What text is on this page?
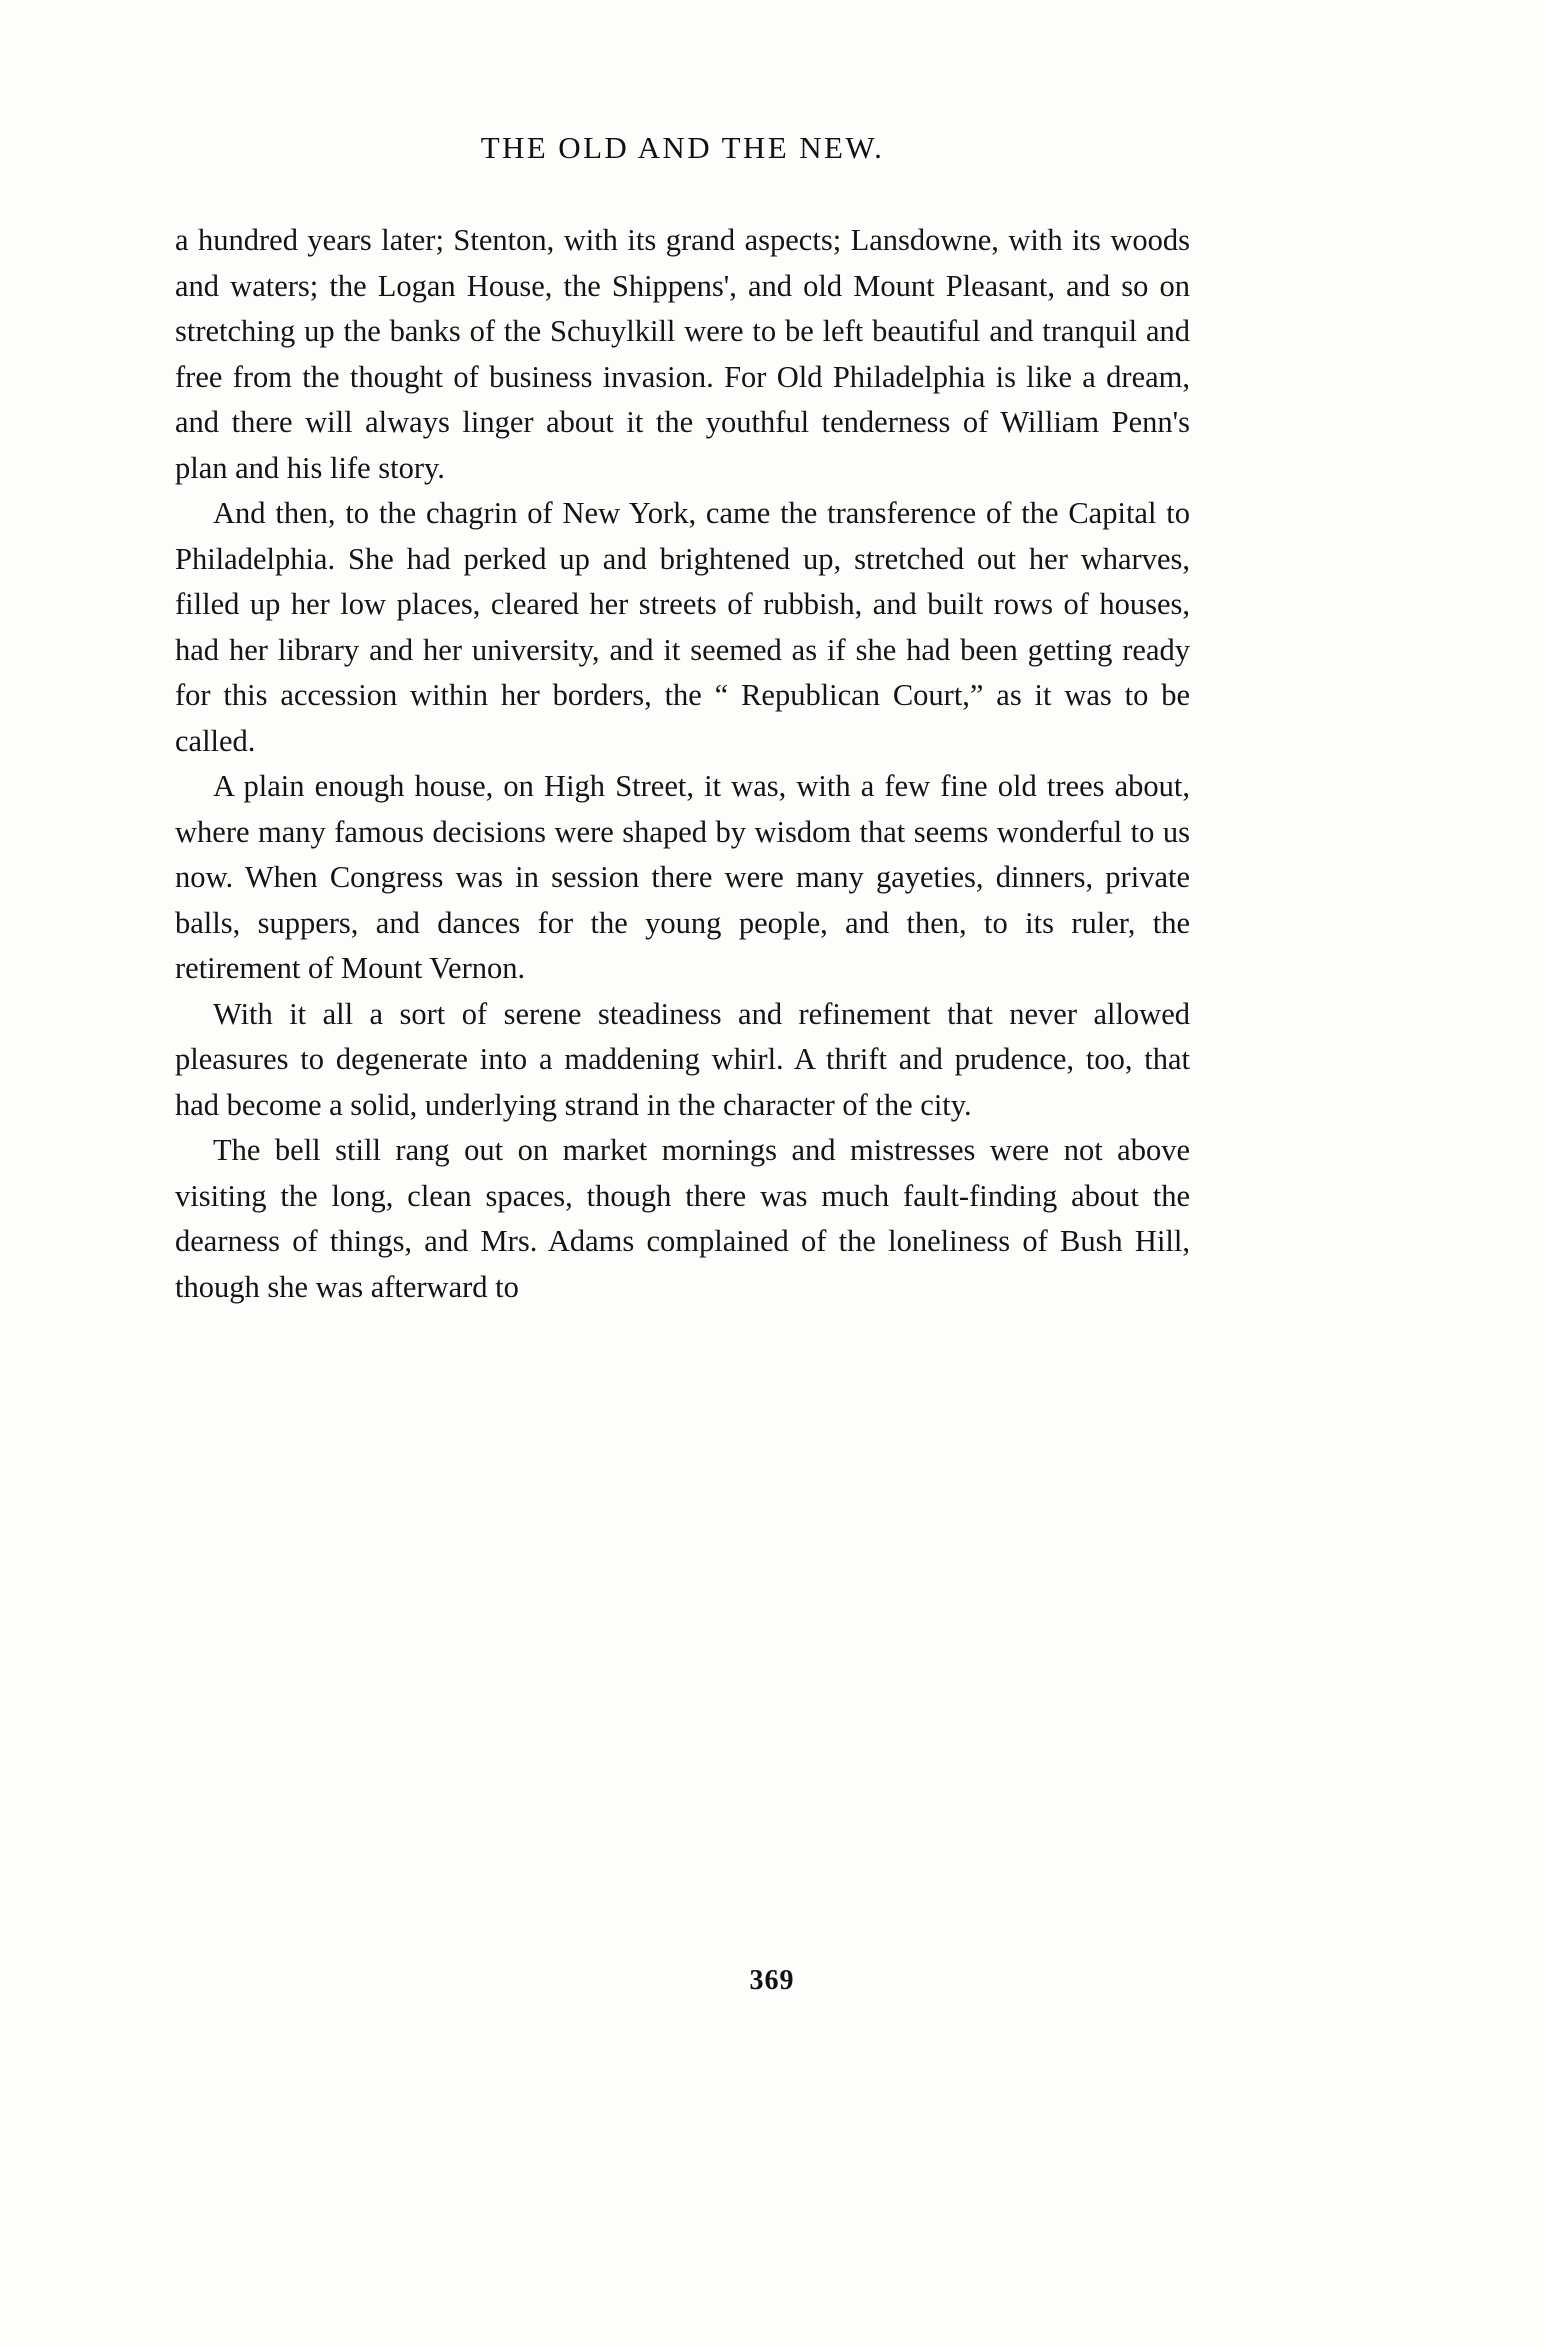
THE OLD AND THE NEW.

a hundred years later; Stenton, with its grand aspects; Lansdowne, with its woods and waters; the Logan House, the Shippens', and old Mount Pleasant, and so on stretching up the banks of the Schuylkill were to be left beautiful and tranquil and free from the thought of business invasion. For Old Philadelphia is like a dream, and there will always linger about it the youthful tenderness of William Penn's plan and his life story.

And then, to the chagrin of New York, came the transference of the Capital to Philadelphia. She had perked up and brightened up, stretched out her wharves, filled up her low places, cleared her streets of rubbish, and built rows of houses, had her library and her university, and it seemed as if she had been getting ready for this accession within her borders, the “ Republican Court,” as it was to be called.

A plain enough house, on High Street, it was, with a few fine old trees about, where many famous decisions were shaped by wisdom that seems wonderful to us now. When Congress was in session there were many gayeties, dinners, private balls, suppers, and dances for the young people, and then, to its ruler, the retirement of Mount Vernon.

With it all a sort of serene steadiness and refinement that never allowed pleasures to degenerate into a maddening whirl. A thrift and prudence, too, that had become a solid, underlying strand in the character of the city.

The bell still rang out on market mornings and mistresses were not above visiting the long, clean spaces, though there was much fault-finding about the dearness of things, and Mrs. Adams complained of the loneliness of Bush Hill, though she was afterward to

369
